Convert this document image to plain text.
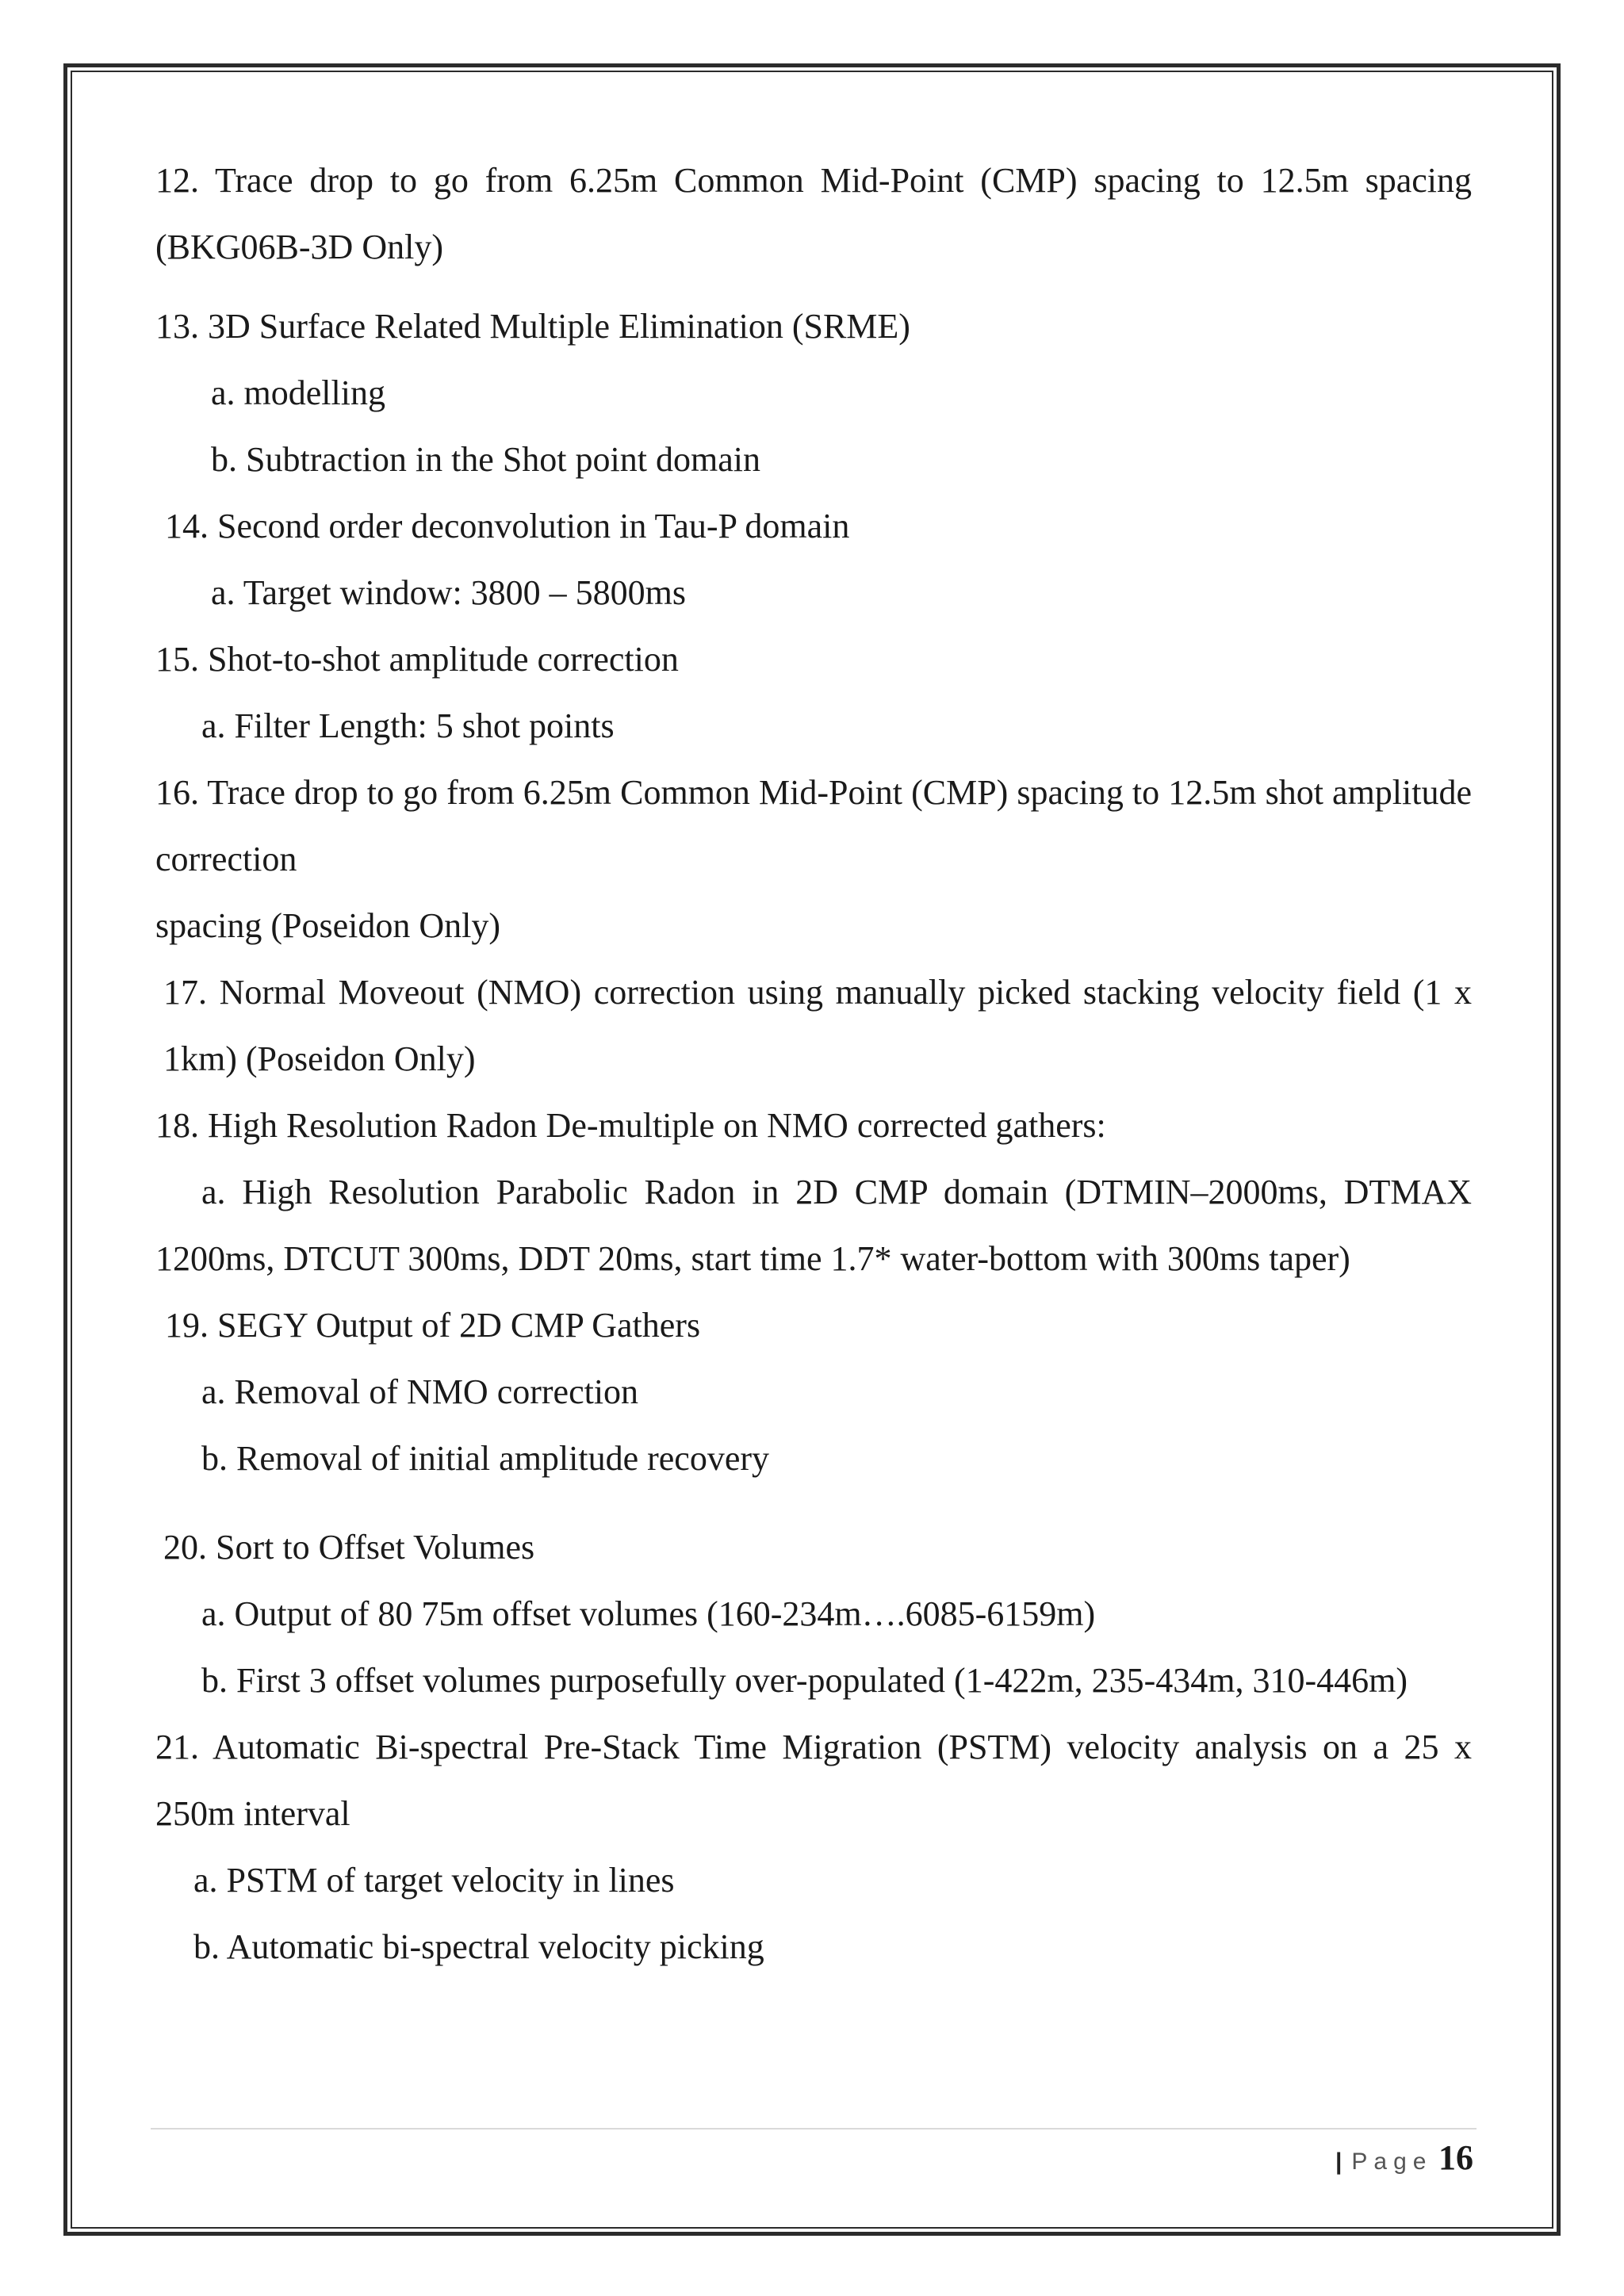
12. Trace drop to go from 6.25m Common Mid-Point (CMP) spacing to 12.5m spacing (BKG06B-3D Only)

13. 3D Surface Related Multiple Elimination (SRME)

a. modelling

b. Subtraction in the Shot point domain

14. Second order deconvolution in Tau-P domain

a. Target window: 3800 – 5800ms

15. Shot-to-shot amplitude correction

a. Filter Length: 5 shot points

16. Trace drop to go from 6.25m Common Mid-Point (CMP) spacing to 12.5m shot amplitude correction

spacing (Poseidon Only)

17. Normal Moveout (NMO) correction using manually picked stacking velocity field (1 x 1km) (Poseidon Only)

18. High Resolution Radon De-multiple on NMO corrected gathers:

a. High Resolution Parabolic Radon in 2D CMP domain (DTMIN–2000ms, DTMAX 1200ms, DTCUT 300ms, DDT 20ms, start time 1.7* water-bottom with 300ms taper)

19. SEGY Output of 2D CMP Gathers

a. Removal of NMO correction

b. Removal of initial amplitude recovery

20. Sort to Offset Volumes

a. Output of 80 75m offset volumes (160-234m….6085-6159m)

b. First 3 offset volumes purposefully over-populated (1-422m, 235-434m, 310-446m)

21. Automatic Bi-spectral Pre-Stack Time Migration (PSTM) velocity analysis on a 25 x 250m interval

a. PSTM of target velocity in lines

b. Automatic bi-spectral velocity picking

| Page 16
